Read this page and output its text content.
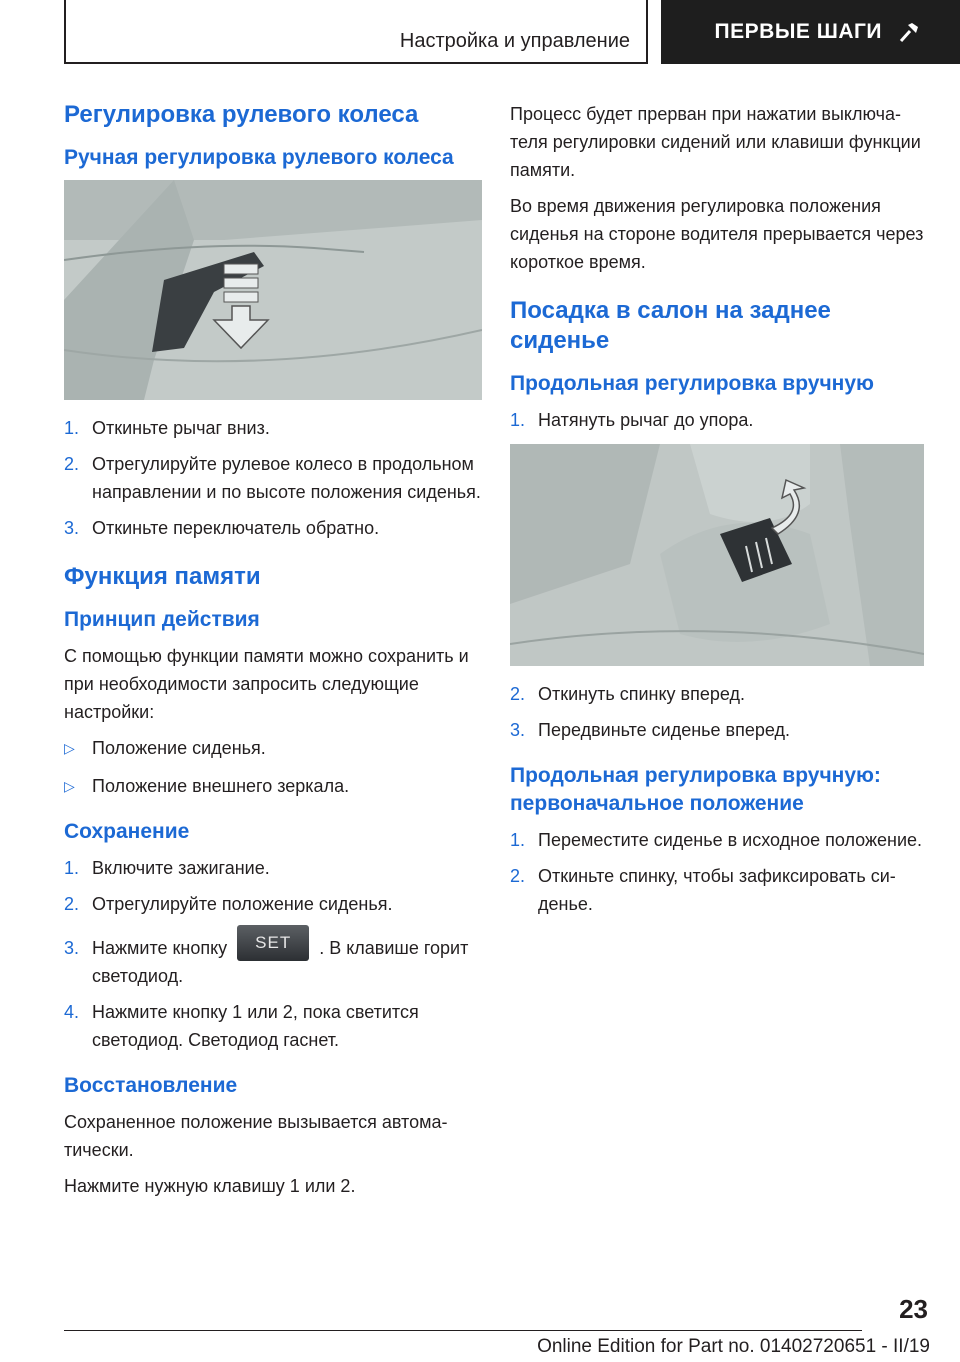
Настройка и управление	ПЕРВЫЕ ШАГИ
Регулировка рулевого колеса
Ручная регулировка рулевого колеса
1. Откиньте рычаг вниз.
2. Отрегулируйте рулевое колесо в продольном направлении и по высоте положения сиденья.
3. Откиньте переключатель обратно.
Функция памяти
Принцип действия

С помощью функции памяти можно сохранить и при необходимости запросить следующие настройки:

▷ Положение сиденья.
▷ Положение внешнего зеркала.
Сохранение
1. Включите зажигание.
2. Отрегулируйте положение сиденья.
3. Нажмите кнопку SET . В клавише горит светодиод.
4. Нажмите кнопку 1 или 2, пока светится светодиод. Светодиод гаснет.
Восстановление

Сохраненное положение вызывается автоматически.

Нажмите нужную клавишу 1 или 2.

Процесс будет прерван при нажатии выключателя регулировки сидений или клавиши функции памяти.

Во время движения регулировка положения сиденья на стороне водителя прерывается через короткое время.

Посадка в салон на заднее сиденье
Продольная регулировка вручную
1. Натянуть рычаг до упора.
2. Откинуть спинку вперед.
3. Передвиньте сиденье вперед.
Продольная регулировка вручную: первоначальное положение
1. Переместите сиденье в исходное положение.
2. Откиньте спинку, чтобы зафиксировать сиденье.
23
Online Edition for Part no. 01402720651 - II/19
